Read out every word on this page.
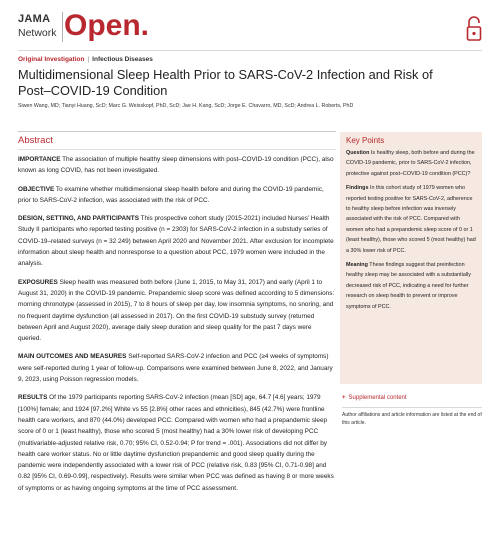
JAMA
Network Open.
Original Investigation | Infectious Diseases
Multidimensional Sleep Health Prior to SARS-CoV-2 Infection and Risk of Post–COVID-19 Condition
Siwen Wang, MD; Tianyi Huang, ScD; Marc G. Weisskopf, PhD, ScD; Jae H. Kang, ScD; Jorge E. Chavarro, MD, ScD; Andrea L. Roberts, PhD
Abstract

IMPORTANCE The association of multiple healthy sleep dimensions with post–COVID-19 condition (PCC), also known as long COVID, has not been investigated.

OBJECTIVE To examine whether multidimensional sleep health before and during the COVID-19 pandemic, prior to SARS-CoV-2 infection, was associated with the risk of PCC.

DESIGN, SETTING, AND PARTICIPANTS This prospective cohort study (2015-2021) included Nurses' Health Study II participants who reported testing positive (n = 2303) for SARS-CoV-2 infection in a substudy series of COVID-19–related surveys (n = 32 249) between April 2020 and November 2021. After exclusion for incomplete information about sleep health and nonresponse to a question about PCC, 1979 women were included in the analysis.

EXPOSURES Sleep health was measured both before (June 1, 2015, to May 31, 2017) and early (April 1 to August 31, 2020) in the COVID-19 pandemic. Prepandemic sleep score was defined according to 5 dimensions: morning chronotype (assessed in 2015), 7 to 8 hours of sleep per day, low insomnia symptoms, no snoring, and no frequent daytime dysfunction (all assessed in 2017). On the first COVID-19 substudy survey (returned between April and August 2020), average daily sleep duration and sleep quality for the past 7 days were queried.

MAIN OUTCOMES AND MEASURES Self-reported SARS-CoV-2 infection and PCC (≥4 weeks of symptoms) were self-reported during 1 year of follow-up. Comparisons were examined between June 8, 2022, and January 9, 2023, using Poisson regression models.

RESULTS Of the 1979 participants reporting SARS-CoV-2 infection (mean [SD] age, 64.7 [4.6] years; 1979 [100%] female; and 1924 [97.2%] White vs 55 [2.8%] other races and ethnicities), 845 (42.7%) were frontline health care workers, and 870 (44.0%) developed PCC. Compared with women who had a prepandemic sleep score of 0 or 1 (least healthy), those who scored 5 (most healthy) had a 30% lower risk of developing PCC (multivariable-adjusted relative risk, 0.70; 95% CI, 0.52-0.94; P for trend = .001). Associations did not differ by health care worker status. No or little daytime dysfunction prepandemic and good sleep quality during the pandemic were independently associated with a lower risk of PCC (relative risk, 0.83 [95% CI, 0.71-0.98] and 0.82 [95% CI, 0.69-0.99], respectively). Results were similar when PCC was defined as having 8 or more weeks of symptoms or as having ongoing symptoms at the time of PCC assessment.

Key Points

Question Is healthy sleep, both before and during the COVID-19 pandemic, prior to SARS-CoV-2 infection, protective against post–COVID-19 condition (PCC)?

Findings In this cohort study of 1979 women who reported testing positive for SARS-CoV-2, adherence to healthy sleep before infection was inversely associated with the risk of PCC. Compared with women who had a prepandemic sleep score of 0 or 1 (least healthy), those who scored 5 (most healthy) had a 30% lower risk of PCC.

Meaning These findings suggest that preinfection healthy sleep may be associated with a substantially decreased risk of PCC, indicating a need for further research on sleep health to prevent or improve symptoms of PCC.

+ Supplemental content
Author affiliations and article information are listed at the end of this article.
